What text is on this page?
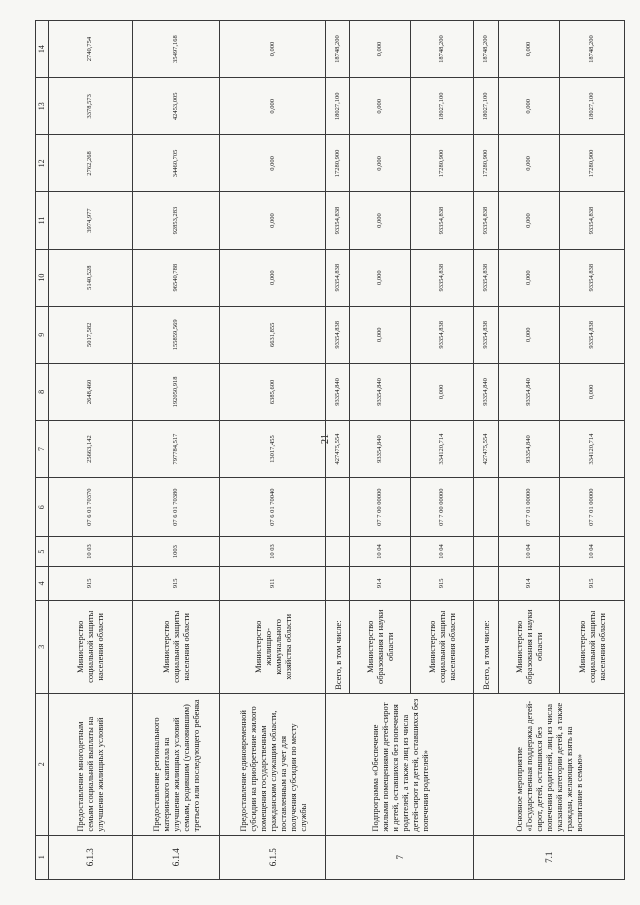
21
1	2	3	4	5	6	7	8	9	10	11	12	13	14
6.1.3	Предоставление многодетным семьям социальной выплаты на улучшение жилищных условий	Министерство социальной защиты населения области	915	10 03	07 6 01 70370	25663,142	2648,460	5017,582	5140,528	3974,977	2762,268	3378,573	2740,754
6.1.4	Предоставление регионального материнского капитала на улучшение жилищных условий семьям, родившим (усыновившим) третьего или последующего ребенка	Министерство социальной защиты населения области	915	1003	07 6 01 70380	797784,517	192050,918	155859,569	96540,788	92853,283	34460,705	42453,005	35497,168
6.1.5	Предоставление единовременной субсидии на приобретение жилого помещения государственным гражданским служащим области, поставленным на учет для получения субсидии по месту службы	Министерство жилищно-коммунального хозяйства области	911	10 03	07 6 01 70040	13017,455	6385,600	6631,855	0,000	0,000	0,000	0,000	0,000
7	Подпрограмма «Обеспечение жилыми помещениями детей-сирот и детей, оставшихся без попечения родителей, а также лиц из числа детей-сирот и детей, оставшихся без попечения родителей»	Всего, в том числе:				427475,554	93354,840	93354,838	93354,838	93354,838	17280,900	18027,100	18748,200
		Министерство образования и науки области	914	10 04	07 7 00 00000	93354,840	93354,840	0,000	0,000	0,000	0,000	0,000	0,000
		Министерство социальной защиты населения области	915	10 04	07 7 00 00000	334120,714	0,000	93354,838	93354,838	93354,838	17280,900	18027,100	18748,200
7.1	Основное мероприятие «Государственная поддержка детей-сирот, детей, оставшихся без попечения родителей, лиц из числа указанной категории детей, а также граждан, желающих взять на воспитание в семью»	Всего, в том числе:				427475,554	93354,840	93354,838	93354,838	93354,838	17280,900	18027,100	18748,200
		Министерство образования и науки области	914	10 04	07 7 01 00000	93354,840	93354,840	0,000	0,000	0,000	0,000	0,000	0,000
		Министерство социальной защиты населения области	915	10 04	07 7 01 00000	334120,714	0,000	93354,838	93354,838	93354,838	17280,900	18027,100	18748,200
